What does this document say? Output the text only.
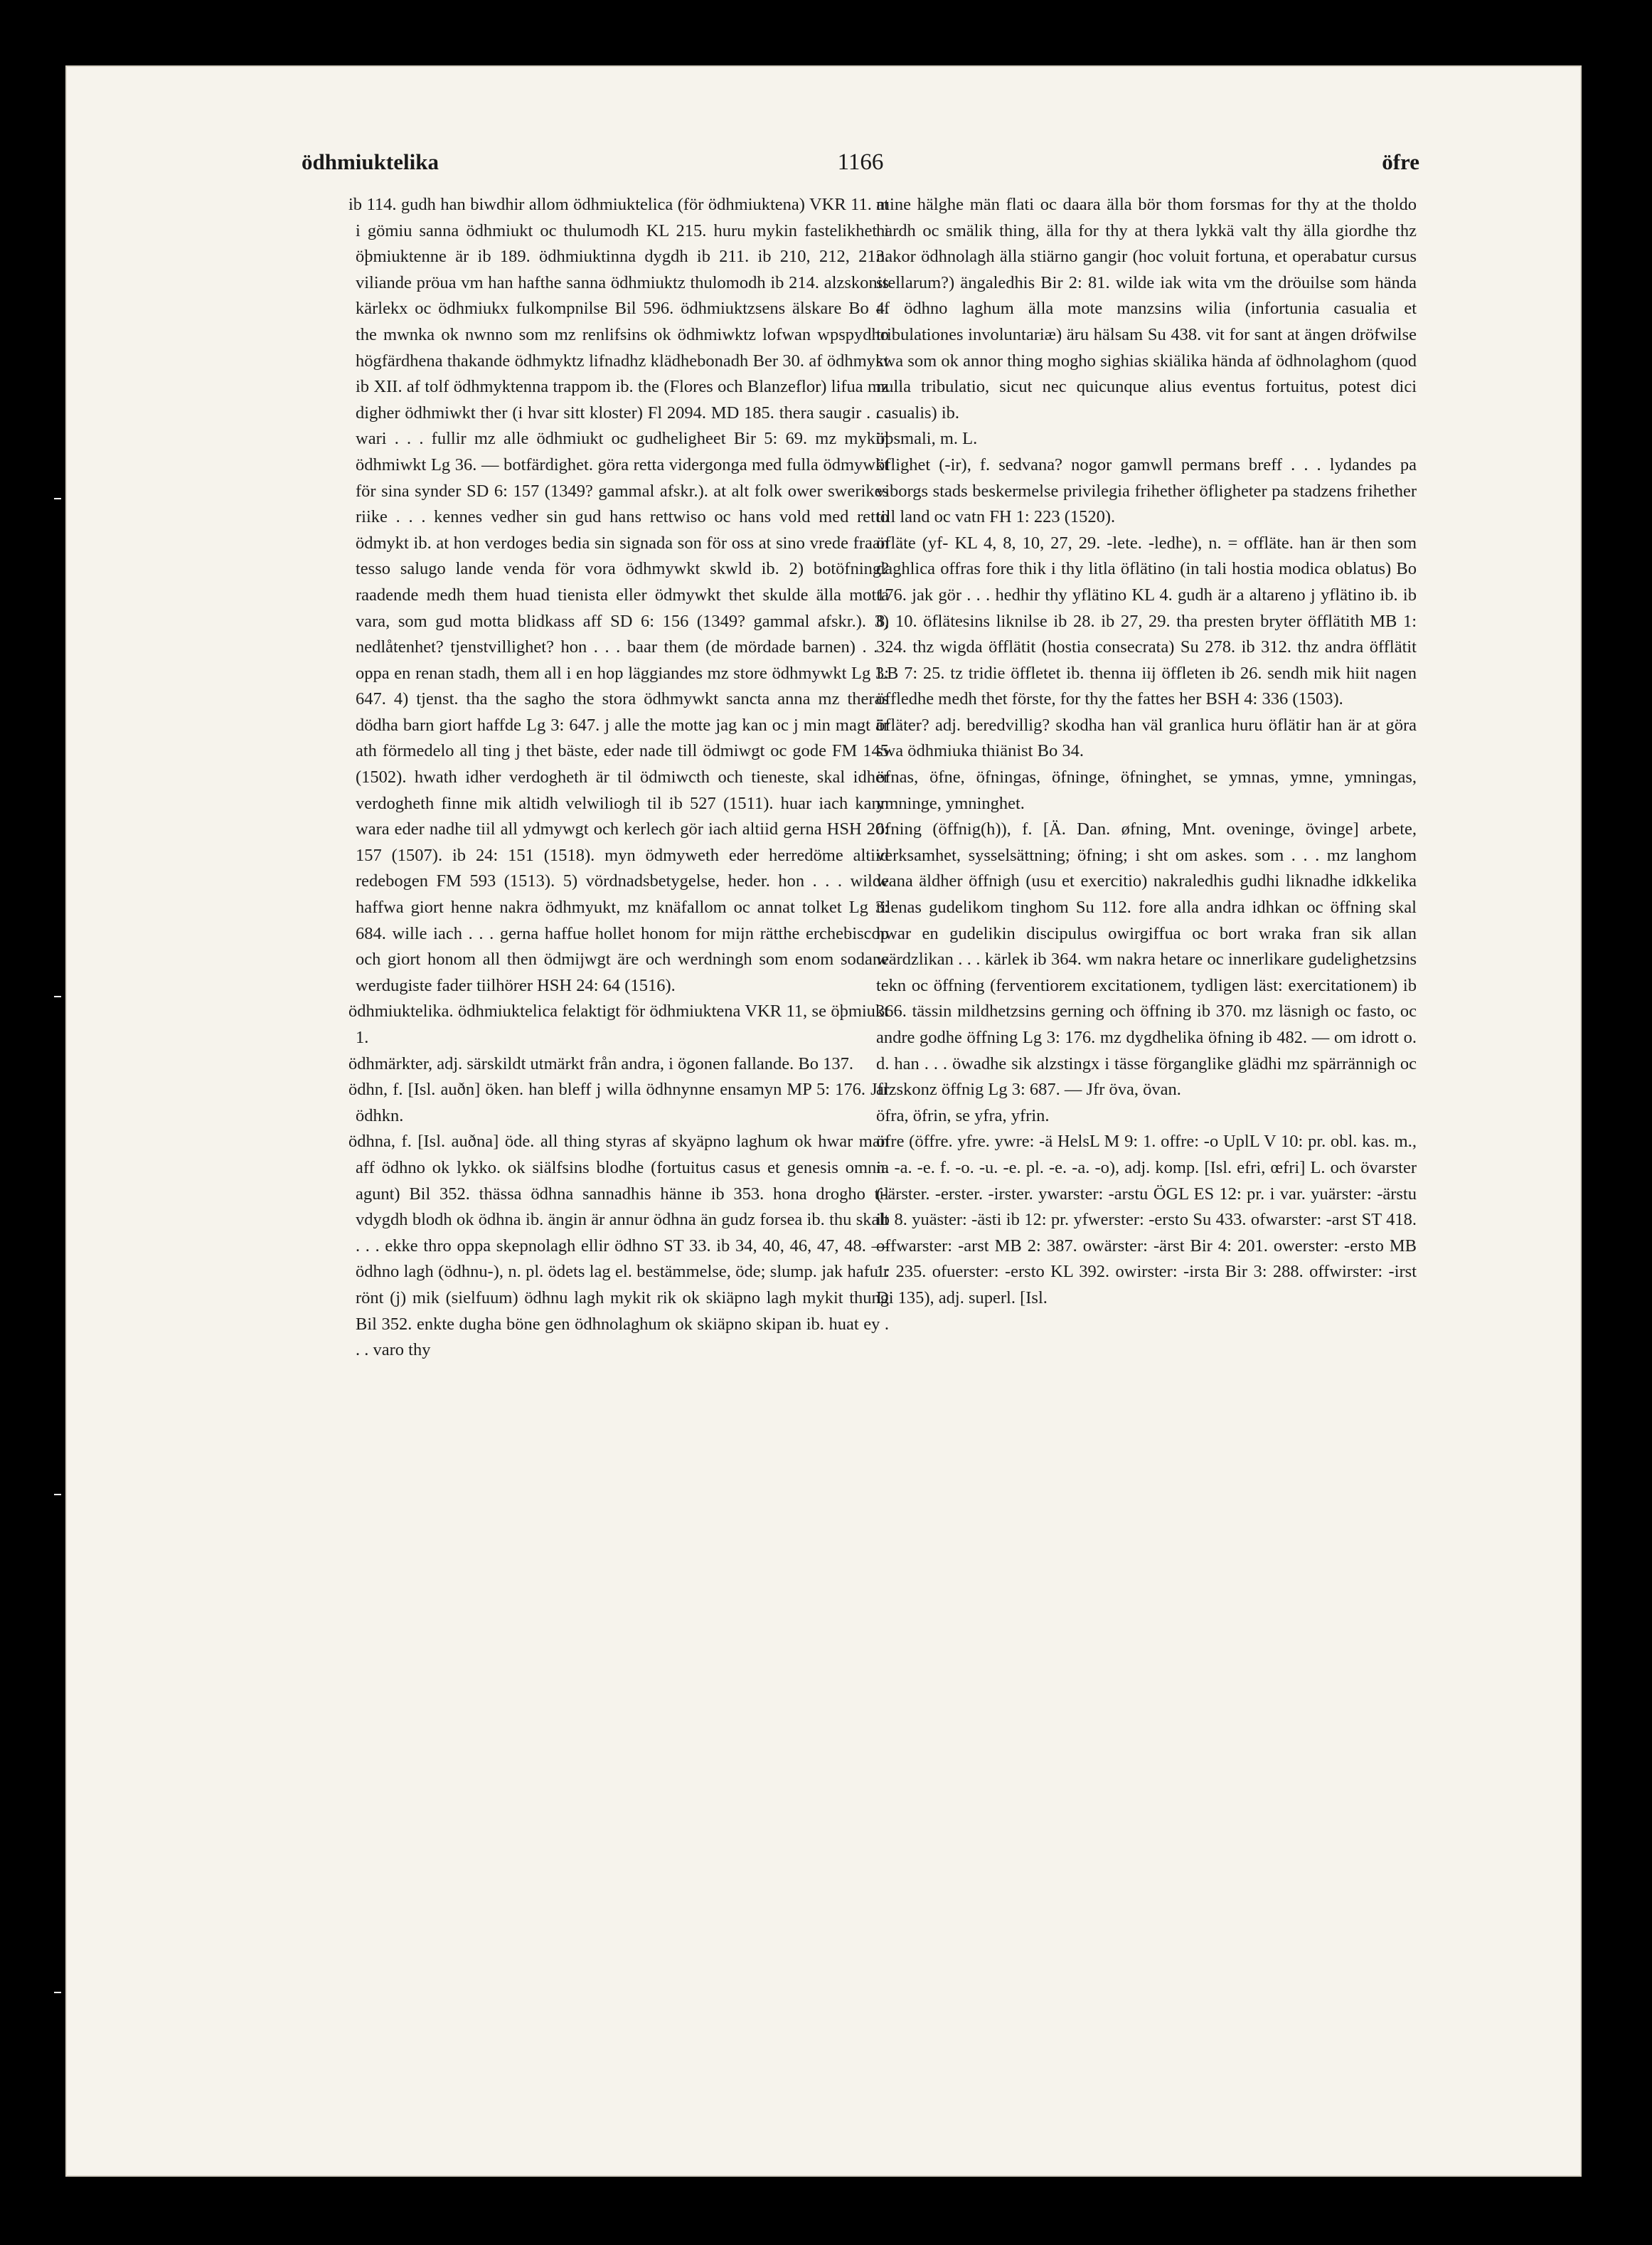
ödhmiuktelika	1166	öfre

ib 114. gudh han biwdhir allom ödhmiuktelica (för ödhmiuktena) VKR 11. at i gömiu sanna ödhmiukt oc thulumodh KL 215. huru mykin fastelikhet i öþmiuktenne är ib 189. ödhmiuktinna dygdh ib 211. ib 210, 212, 213. viliande pröua vm han hafthe sanna ödhmiuktz thulomodh ib 214. alzskonis kärlekx oc ödhmiukx fulkompnilse Bil 596. ödhmiuktzsens älskare Bo 4. the mwnka ok nwnno som mz renlifsins ok ödhmiwktz lofwan wpspydho högfärdhena thakande ödhmyktz lifnadhz klädhebonadh Ber 30. af ödhmykt ib XII. af tolf ödhmyktenna trappom ib. the (Flores och Blanzeflor) lifua mz digher ödhmiwkt ther (i hvar sitt kloster) Fl 2094. MD 185. thera saugir . . . wari . . . fullir mz alle ödhmiukt oc gudheligheet Bir 5: 69. mz mykin ödhmiwkt Lg 36. — botfärdighet. göra retta vidergonga med fulla ödmywkt för sina synder SD 6: 157 (1349? gammal afskr.). at alt folk ower swerikes riike . . . kennes vedher sin gud hans rettwiso oc hans vold med retto ödmykt ib. at hon verdoges bedia sin signada son för oss at sino vrede fraan tesso salugo lande venda för vora ödhmywkt skwld ib. 2) botöfning? raadende medh them huad tienista eller ödmywkt thet skulde älla motta vara, som gud motta blidkass aff SD 6: 156 (1349? gammal afskr.). 3) nedlåtenhet? tjenstvillighet? hon . . . baar them (de mördade barnen) . . . oppa en renan stadh, them all i en hop läggiandes mz store ödhmywkt Lg 3: 647. 4) tjenst. tha the sagho the stora ödhmywkt sancta anna mz theras dödha barn giort haffde Lg 3: 647. j alle the motte jag kan oc j min magt är ath förmedelo all ting j thet bäste, eder nade till ödmiwgt oc gode FM 145 (1502). hwath idher verdogheth är til ödmiwcth och tieneste, skal idher verdogheth finne mik altidh velwiliogh til ib 527 (1511). huar iach kann wara eder nadhe tiil all ydmywgt och kerlech gör iach altiid gerna HSH 20: 157 (1507). ib 24: 151 (1518). myn ödmyweth eder herredöme altiid redebogen FM 593 (1513). 5) vördnadsbetygelse, heder. hon . . . wilde haffwa giort henne nakra ödhmyukt, mz knäfallom oc annat tolket Lg 3: 684. wille iach . . . gerna haffue hollet honom for mijn rätthe erchebiscop och giort honom all then ödmijwgt äre och werdningh som enom sodane werdugiste fader tiilhörer HSH 24: 64 (1516).

ödhmiuktelika. ödhmiuktelica felaktigt för ödhmiuktena VKR 11, se öþmiukt 1.

ödhmärkter, adj. särskildt utmärkt från andra, i ögonen fallande. Bo 137.

ödhn, f. [Isl. auðn] öken. han bleff j willa ödhnynne ensamyn MP 5: 176. Jfr ödhkn.

ödhna, f. [Isl. auðna] öde. all thing styras af skyäpno laghum ok hwar man aff ödhno ok lykko. ok siälfsins blodhe (fortuitus casus et genesis omnia agunt) Bil 352. thässa ödhna sannadhis hänne ib 353. hona drogho til vdygdh blodh ok ödhna ib. ängin är annur ödhna än gudz forsea ib. thu skalt . . . ekke thro oppa skepnolagh ellir ödhno ST 33. ib 34, 40, 46, 47, 48. — ödhno lagh (ödhnu-), n. pl. ödets lag el. bestämmelse, öde; slump. jak hafuir rönt (j) mik (sielfuum) ödhnu lagh mykit rik ok skiäpno lagh mykit thung Bil 352. enkte dugha böne gen ödhnolaghum ok skiäpno skipan ib. huat ey . . . varo thy

mine hälghe män flati oc daara älla bör thom forsmas for thy at the tholdo hardh oc smälik thing, älla for thy at thera lykkä valt thy älla giordhe thz nakor ödhnolagh älla stiärno gangir (hoc voluit fortuna, et operabatur cursus stellarum?) ängaledhis Bir 2: 81. wilde iak wita vm the dröuilse som hända af ödhno laghum älla mote manzsins wilia (infortunia casualia et tribulationes involuntariæ) äru hälsam Su 438. vit for sant at ängen dröfwilse swa som ok annor thing mogho sighias skiälika hända af ödhnolaghom (quod nulla tribulatio, sicut nec quicunque alius eventus fortuitus, potest dici casualis) ib.

öþsmali, m. L.

öflighet (-ir), f. sedvana? nogor gamwll permans breff . . . lydandes pa viborgs stads beskermelse privilegia frihether öfligheter pa stadzens frihether till land oc vatn FH 1: 223 (1520).

öfläte (yf- KL 4, 8, 10, 27, 29. -lete. -ledhe), n. = offläte. han är then som daghlica offras fore thik i thy litla öflätino (in tali hostia modica oblatus) Bo 176. jak gör . . . hedhir thy yflätino KL 4. gudh är a altareno j yflätino ib. ib 8, 10. öflätesins liknilse ib 28. ib 27, 29. tha presten bryter öfflätith MB 1: 324. thz wigda öfflätit (hostia consecrata) Su 278. ib 312. thz andra öfflätit LB 7: 25. tz tridie öffletet ib. thenna iij öffleten ib 26. sendh mik hiit nagen öffledhe medh thet förste, for thy the fattes her BSH 4: 336 (1503).

öfläter? adj. beredvillig? skodha han väl granlica huru öflätir han är at göra swa ödhmiuka thiänist Bo 34.

öfnas, öfne, öfningas, öfninge, öfninghet, se ymnas, ymne, ymningas, ymninge, ymninghet.

öfning (öffnig(h)), f. [Ä. Dan. øfning, Mnt. oveninge, övinge] arbete, verksamhet, sysselsättning; öfning; i sht om askes. som . . . mz langhom wana äldher öffnigh (usu et exercitio) nakraledhis gudhi liknadhe idkkelika tilenas gudelikom tinghom Su 112. fore alla andra idhkan oc öffning skal hwar en gudelikin discipulus owirgiffua oc bort wraka fran sik allan wärdzlikan . . . kärlek ib 364. wm nakra hetare oc innerlikare gudelighetzsins tekn oc öffning (ferventiorem excitationem, tydligen läst: exercitationem) ib 366. tässin mildhetzsins gerning och öffning ib 370. mz läsnigh oc fasto, oc andre godhe öffning Lg 3: 176. mz dygdhelika öfning ib 482. — om idrott o. d. han . . . öwadhe sik alzstingx i tässe förganglike glädhi mz spärrännigh oc alzskonz öffnig Lg 3: 687. — Jfr öva, övan.

öfra, öfrin, se yfra, yfrin.

öfre (öffre. yfre. ywre: -ä HelsL M 9: 1. offre: -o UplL V 10: pr. obl. kas. m., n. -a. -e. f. -o. -u. -e. pl. -e. -a. -o), adj. komp. [Isl. efri, œfri] L. och övarster (-ärster. -erster. -irster. ywarster: -arstu ÖGL ES 12: pr. i var. yuärster: -ärstu ib 8. yuäster: -ästi ib 12: pr. yfwerster: -ersto Su 433. ofwarster: -arst ST 418. offwarster: -arst MB 2: 387. owärster: -ärst Bir 4: 201. owerster: -ersto MB 1: 235. ofuerster: -ersto KL 392. owirster: -irsta Bir 3: 288. offwirster: -irst Di 135), adj. superl. [Isl.
